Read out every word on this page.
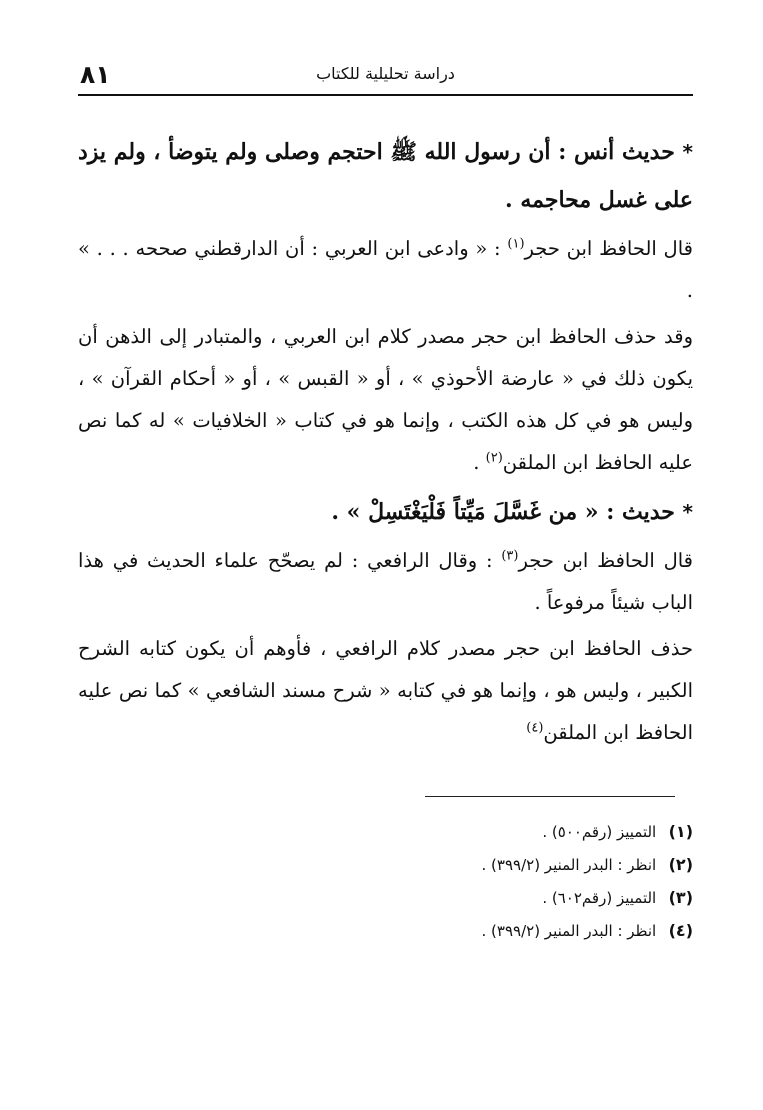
٨١	دراسة تحليلية للكتاب

* حديث أنس : أن رسول الله ﷺ احتجم وصلى ولم يتوضأ ، ولم يزد على غسل محاجمه .

قال الحافظ ابن حجر$^{(١)}$ : « وادعى ابن العربي : أن الدارقطني صححه . . . » .

وقد حذف الحافظ ابن حجر مصدر كلام ابن العربي ، والمتبادر إلى الذهن أن يكون ذلك في « عارضة الأحوذي » ، أو « القبس » ، أو « أحكام القرآن » ، وليس هو في كل هذه الكتب ، وإنما هو في كتاب « الخلافيات » له كما نص عليه الحافظ ابن الملقن$^{(٢)}$ .

* حديث : « من غَسَّلَ مَيِّتاً فَلْيَغْتَسِلْ » .

قال الحافظ ابن حجر$^{(٣)}$ : وقال الرافعي : لم يصحّح علماء الحديث في هذا الباب شيئاً مرفوعاً .

حذف الحافظ ابن حجر مصدر كلام الرافعي ، فأوهم أن يكون كتابه الشرح الكبير ، وليس هو ، وإنما هو في كتابه « شرح مسند الشافعي » كما نص عليه الحافظ ابن الملقن$^{(٤)}$

(١) التمييز (رقم٥٠٠) .
(٢) انظر : البدر المنير (٣٩٩/٢) .
(٣) التمييز (رقم٦٠٢) .
(٤) انظر : البدر المنير (٣٩٩/٢) .
